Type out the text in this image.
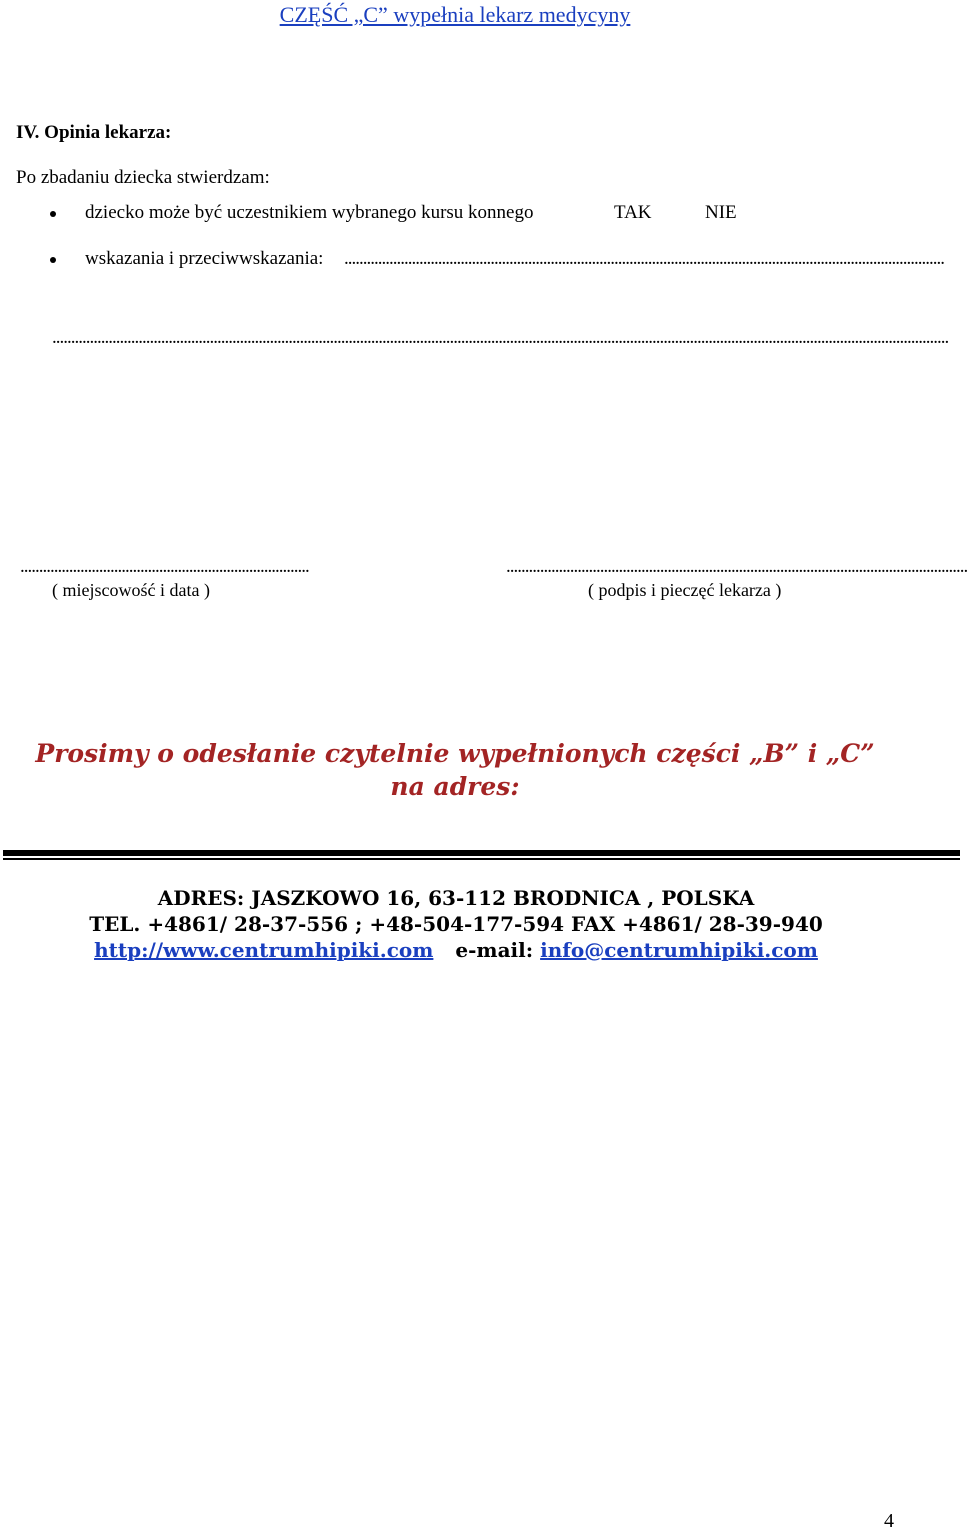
CZĘŚĆ „C” wypełnia lekarz medycyny
IV. Opinia lekarza:
Po zbadaniu dziecka stwierdzam:
dziecko może być uczestnikiem wybranego kursu konnego	TAK	NIE
wskazania i przeciwwskazania: ................................................................................................................................................................
...............................................................................................................................................................................................................................................
.............................................................................	...........................................................................................................................
( miejscowość i data )	( podpis i pieczęć lekarza )
Prosimy o odesłanie czytelnie wypełnionych części „B” i „C”
na adres:
ADRES: JASZKOWO 16, 63-112 BRODNICA , POLSKA
TEL. +4861/ 28-37-556 ; +48-504-177-594 FAX +4861/ 28-39-940
http://www.centrumhipiki.com e-mail: info@centrumhipiki.com
4
